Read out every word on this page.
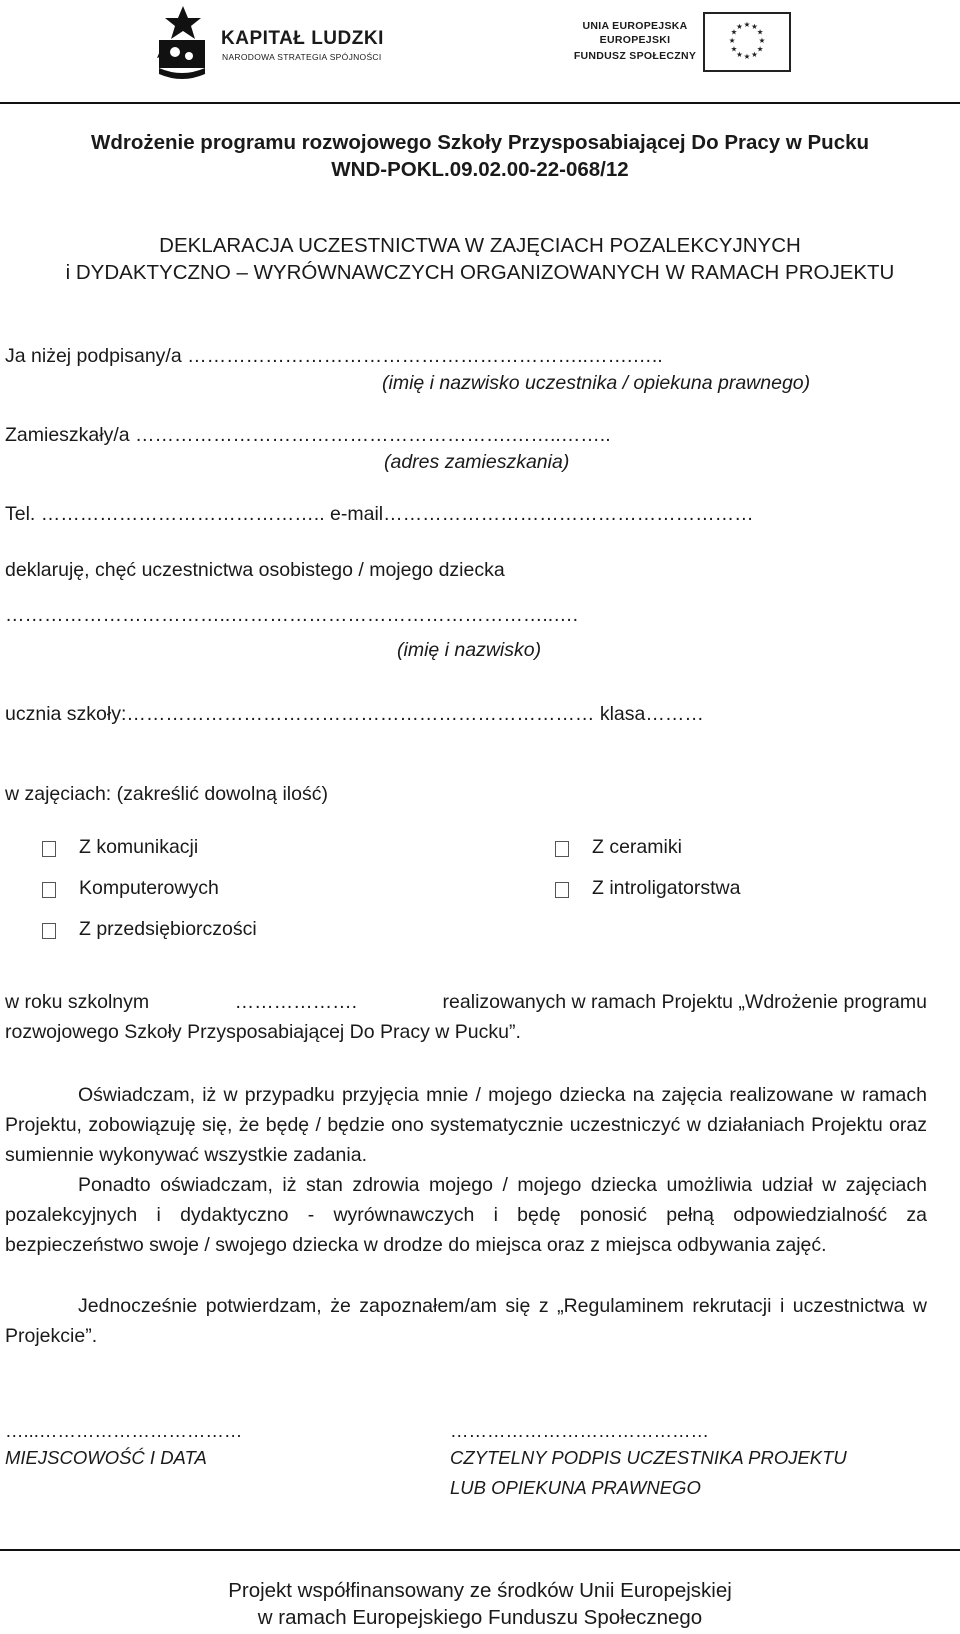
KAPITAŁ LUDZKI
NARODOWA STRATEGIA SPÓJNOŚCI
UNIA EUROPEJSKA
EUROPEJSKI
FUNDUSZ SPOŁECZNY
★ ★
★
★
★
★
★
★
★
★
★
★
Wdrożenie programu rozwojowego Szkoły Przysposabiającej Do Pracy w Pucku
WND-POKL.09.02.00-22-068/12
DEKLARACJA UCZESTNICTWA W ZAJĘCIACH POZALEKCYJNYCH
i DYDAKTYCZNO – WYRÓWNAWCZYCH ORGANIZOWANYCH W RAMACH PROJEKTU
Ja niżej podpisany/a ……………………………………………………..…….…..
(imię i nazwisko uczestnika / opiekuna prawnego)
Zamieszkały/a ………………………………………………….……..……..
(adres zamieszkania)
Tel. …………………………………….. e-mail…………………………………………………
deklaruję, chęć uczestnictwa osobistego / mojego dziecka
……………………………..…………………………………………..….
(imię i nazwisko)
ucznia szkoły:……………………………………………………………… klasa………
w zajęciach: (zakreślić dowolną ilość)
Z komunikacji
Komputerowych
Z przedsiębiorczości
Z ceramiki
Z introligatorstwa
w roku szkolnym	……………….	realizowanych w ramach Projektu „Wdrożenie programu
rozwojowego Szkoły Przysposabiającej Do Pracy w Pucku”.
Oświadczam, iż w przypadku przyjęcia mnie / mojego dziecka na zajęcia realizowane w ramach Projektu, zobowiązuję się, że będę / będzie ono systematycznie uczestniczyć w działaniach Projektu oraz sumiennie wykonywać wszystkie zadania.
Ponadto oświadczam, iż stan zdrowia mojego / mojego dziecka umożliwia udział w zajęciach pozalekcyjnych i dydaktyczno - wyrównawczych i będę ponosić pełną odpowiedzialność za bezpieczeństwo swoje / swojego dziecka w drodze do miejsca oraz z miejsca odbywania zajęć.
Jednocześnie potwierdzam, że zapoznałem/am się z „Regulaminem rekrutacji i uczestnictwa w Projekcie”.
…...……………………………
MIEJSCOWOŚĆ I DATA
……………………………………
CZYTELNY PODPIS UCZESTNIKA PROJEKTU
LUB OPIEKUNA PRAWNEGO
Projekt współfinansowany ze środków Unii Europejskiej
w ramach Europejskiego Funduszu Społecznego
